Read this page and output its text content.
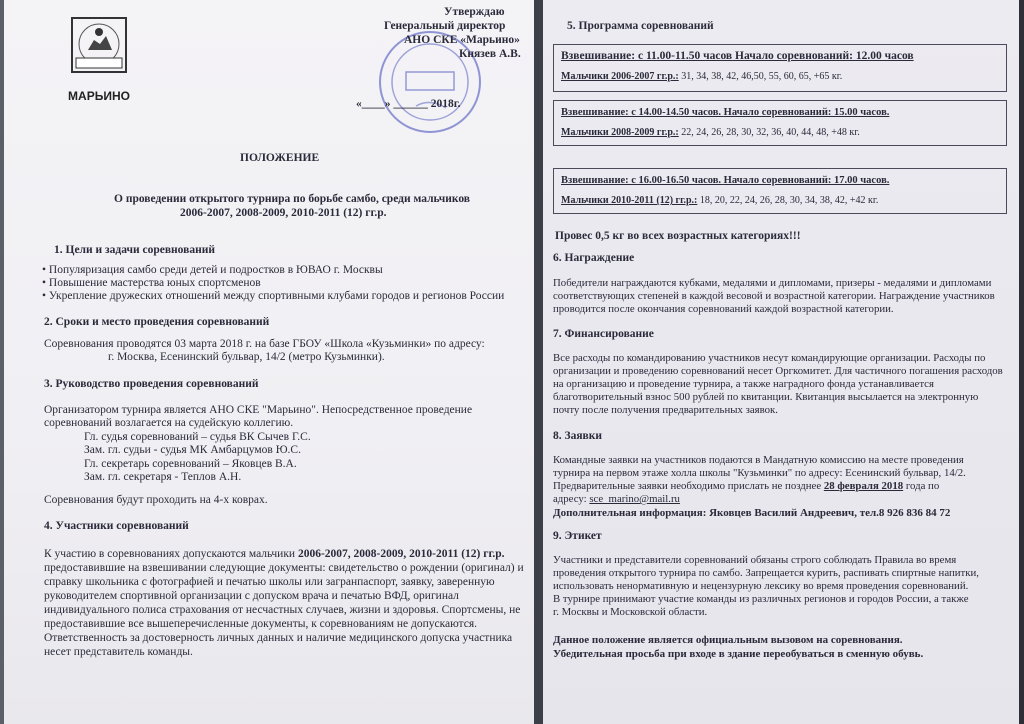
МАРЬИНО
Утверждаю
Генеральный директор
АНО СКЕ «Марьино»
Князев А.В.
«____» ______ 2018г.
ПОЛОЖЕНИЕ
О проведении открытого турнира по борьбе самбо, среди мальчиков
2006-2007, 2008-2009, 2010-2011 (12) гг.р.
1. Цели и задачи соревнований
• Популяризация самбо среди детей и подростков в ЮВАО г. Москвы
• Повышение мастерства юных спортсменов
• Укрепление дружеских отношений между спортивными клубами городов и регионов России
2. Сроки и место проведения соревнований
Соревнования проводятся 03 марта 2018 г. на базе ГБОУ «Школа «Кузьминки» по адресу:
г. Москва, Есенинский бульвар, 14/2 (метро Кузьминки).
3. Руководство проведения соревнований
Организатором турнира является АНО СКЕ "Марьино". Непосредственное проведение
соревнований возлагается на судейскую коллегию.
Гл. судья соревнований – судья ВК Сычев Г.С.
Зам. гл. судьи - судья МК Амбарцумов Ю.С.
Гл. секретарь соревнований – Яковцев В.А.
Зам. гл. секретаря - Теплов А.Н.
Соревнования будут проходить на 4-х коврах.
4. Участники соревнований
К участию в соревнованиях допускаются мальчики 2006-2007, 2008-2009, 2010-2011 (12) гг.р.
предоставившие на взвешивании следующие документы: свидетельство о рождении (оригинал) и
справку школьника с фотографией и печатью школы или загранпаспорт, заявку, заверенную
руководителем спортивной организации с допуском врача и печатью ВФД, оригинал
индивидуального полиса страхования от несчастных случаев, жизни и здоровья. Спортсмены, не
предоставившие все вышеперечисленные документы, к соревнованиям не допускаются.
Ответственность за достоверность личных данных и наличие медицинского допуска участника
несет представитель команды.
5. Программа соревнований
Взвешивание: с 11.00-11.50 часов Начало соревнований: 12.00 часов
Мальчики 2006-2007 гг.р.: 31, 34, 38, 42, 46,50, 55, 60, 65, +65 кг.
Взвешивание: с 14.00-14.50 часов. Начало соревнований: 15.00 часов.
Мальчики 2008-2009 гг.р.: 22, 24, 26, 28, 30, 32, 36, 40, 44, 48, +48 кг.
Взвешивание: с 16.00-16.50 часов. Начало соревнований: 17.00 часов.
Мальчики 2010-2011 (12) гг.р.: 18, 20, 22, 24, 26, 28, 30, 34, 38, 42, +42 кг.
Провес 0,5 кг во всех возрастных категориях!!!
6. Награждение
Победители награждаются кубками, медалями и дипломами, призеры - медалями и дипломами
соответствующих степеней в каждой весовой и возрастной категории. Награждение участников
проводится после окончания соревнований каждой возрастной категории.
7. Финансирование
Все расходы по командированию участников несут командирующие организации. Расходы по
организации и проведению соревнований несет Оргкомитет. Для частичного погашения расходов
на организацию и проведение турнира, а также наградного фонда устанавливается
благотворительный взнос 500 рублей по квитанции. Квитанция высылается на электронную
почту после получения предварительных заявок.
8. Заявки
Командные заявки на участников подаются в Мандатную комиссию на месте проведения
турнира на первом этаже холла школы "Кузьминки" по адресу: Есенинский бульвар, 14/2.
Предварительные заявки необходимо прислать не позднее 28 февраля 2018 года по
адресу: sce_marino@mail.ru
Дополнительная информация: Яковцев Василий Андреевич, тел.8 926 836 84 72
9. Этикет
Участники и представители соревнований обязаны строго соблюдать Правила во время
проведения открытого турнира по самбо. Запрещается курить, распивать спиртные напитки,
использовать ненормативную и нецензурную лексику во время проведения соревнований.
В турнире принимают участие команды из различных регионов и городов России, а также
г. Москвы и Московской области.
Данное положение является официальным вызовом на соревнования.
Убедительная просьба при входе в здание переобуваться в сменную обувь.
